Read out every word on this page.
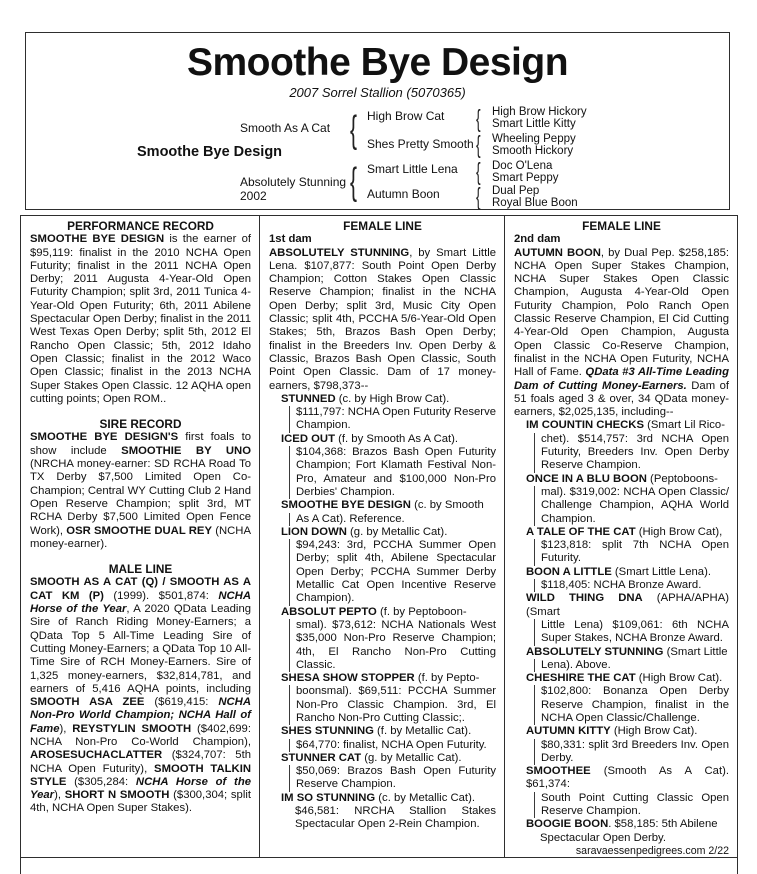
Smoothe Bye Design
2007 Sorrel Stallion (5070365)
Smoothe Bye Design
Smooth As A Cat
Absolutely Stunning
2002
{
{
High Brow Cat
Shes Pretty Smooth
Smart Little Lena
Autumn Boon
{
{
{
{
High Brow Hickory
Smart Little Kitty
Wheeling Peppy
Smooth Hickory
Doc O'Lena
Smart Peppy
Dual Pep
Royal Blue Boon
PERFORMANCE RECORD
SMOOTHE BYE DESIGN is the earner of $95,119: finalist in the 2010 NCHA Open Futurity; finalist in the 2011 NCHA Open Derby; 2011 Augusta 4-Year-Old Open Futurity Champion; split 3rd, 2011 Tunica 4-Year-Old Open Futurity; 6th, 2011 Abilene Spectacular Open Derby; finalist in the 2011 West Texas Open Derby; split 5th, 2012 El Rancho Open Classic; 5th, 2012 Idaho Open Classic; finalist in the 2012 Waco Open Classic; finalist in the 2013 NCHA Super Stakes Open Classic. 12 AQHA open cutting points; Open ROM..
SIRE RECORD
SMOOTHE BYE DESIGN'S first foals to show include SMOOTHIE BY UNO (NRCHA money-earner: SD RCHA Road To TX Derby $7,500 Limited Open Co-Champion; Central WY Cutting Club 2 Hand Open Reserve Champion; split 3rd, MT RCHA Derby $7,500 Limited Open Fence Work), OSR SMOOTHE DUAL REY (NCHA money-earner).
MALE LINE
SMOOTH AS A CAT (Q) / SMOOTH AS A CAT KM (P) (1999). $501,874: NCHA Horse of the Year, A 2020 QData Leading Sire of Ranch Riding Money-Earners; a QData Top 5 All-Time Leading Sire of Cutting Money-Earners; a QData Top 10 All-Time Sire of RCH Money-Earners. Sire of 1,325 money-earners, $32,814,781, and earners of 5,416 AQHA points, including SMOOTH ASA ZEE ($619,415: NCHA Non-Pro World Champion; NCHA Hall of Fame), REYSTYLIN SMOOTH ($402,699: NCHA Non-Pro Co-World Champion), AROSESUCHACLATTER ($324,707: 5th NCHA Open Futurity), SMOOTH TALKIN STYLE ($305,284: NCHA Horse of the Year), SHORT N SMOOTH ($300,304; split 4th, NCHA Open Super Stakes).
FEMALE LINE
1st dam
ABSOLUTELY STUNNING, by Smart Little Lena. $107,877: South Point Open Derby Champion; Cotton Stakes Open Classic Reserve Champion; finalist in the NCHA Open Derby; split 3rd, Music City Open Classic; split 4th, PCCHA 5/6-Year-Old Open Stakes; 5th, Brazos Bash Open Derby; finalist in the Breeders Inv. Open Derby & Classic, Brazos Bash Open Classic, South Point Open Classic. Dam of 17 money-earners, $798,373--
STUNNED (c. by High Brow Cat).
$111,797: NCHA Open Futurity Reserve Champion.
ICED OUT (f. by Smooth As A Cat).
$104,368: Brazos Bash Open Futurity Champion; Fort Klamath Festival Non-Pro, Amateur and $100,000 Non-Pro Derbies' Champion.
SMOOTHE BYE DESIGN (c. by Smooth
As A Cat). Reference.
LION DOWN (g. by Metallic Cat).
$94,243: 3rd, PCCHA Summer Open Derby; split 4th, Abilene Spectacular Open Derby; PCCHA Summer Derby Metallic Cat Open Incentive Reserve Champion).
ABSOLUT PEPTO (f. by Peptoboon-
smal). $73,612: NCHA Nationals West $35,000 Non-Pro Reserve Champion; 4th, El Rancho Non-Pro Cutting Classic.
SHESA SHOW STOPPER (f. by Pepto-
boonsmal). $69,511: PCCHA Summer Non-Pro Classic Champion. 3rd, El Rancho Non-Pro Cutting Classic;.
SHES STUNNING (f. by Metallic Cat).
$64,770: finalist, NCHA Open Futurity.
STUNNER CAT (g. by Metallic Cat).
$50,069: Brazos Bash Open Futurity Reserve Champion.
IM SO STUNNING (c. by Metallic Cat).
$46,581: NRCHA Stallion Stakes Spectacular Open 2-Rein Champion.
FEMALE LINE
2nd dam
AUTUMN BOON, by Dual Pep. $258,185: NCHA Open Super Stakes Champion, NCHA Super Stakes Open Classic Champion, Augusta 4-Year-Old Open Futurity Champion, Polo Ranch Open Classic Reserve Champion, El Cid Cutting 4-Year-Old Open Champion, Augusta Open Classic Co-Reserve Champion, finalist in the NCHA Open Futurity, NCHA Hall of Fame. QData #3 All-Time Leading Dam of Cutting Money-Earners. Dam of 51 foals aged 3 & over, 34 QData money-earners, $2,025,135, including--
IM COUNTIN CHECKS (Smart Lil Rico-
chet). $514,757: 3rd NCHA Open Futurity, Breeders Inv. Open Derby Reserve Champion.
ONCE IN A BLU BOON (Peptoboons-
mal). $319,002: NCHA Open Classic/ Challenge Champion, AQHA World Champion.
A TALE OF THE CAT (High Brow Cat),
$123,818: split 7th NCHA Open Futurity.
BOON A LITTLE (Smart Little Lena).
$118,405: NCHA Bronze Award.
WILD THING DNA (APHA/APHA) (Smart
Little Lena) $109,061: 6th NCHA Super Stakes, NCHA Bronze Award.
ABSOLUTELY STUNNING (Smart Little
Lena). Above.
CHESHIRE THE CAT (High Brow Cat).
$102,800: Bonanza Open Derby Reserve Champion, finalist in the NCHA Open Classic/Challenge.
AUTUMN KITTY (High Brow Cat).
$80,331: split 3rd Breeders Inv. Open Derby.
SMOOTHEE (Smooth As A Cat). $61,374:
South Point Cutting Classic Open Reserve Champion.
BOOGIE BOON. $58,185: 5th Abilene
Spectacular Open Derby.
saravaessenpedigrees.com 2/22
